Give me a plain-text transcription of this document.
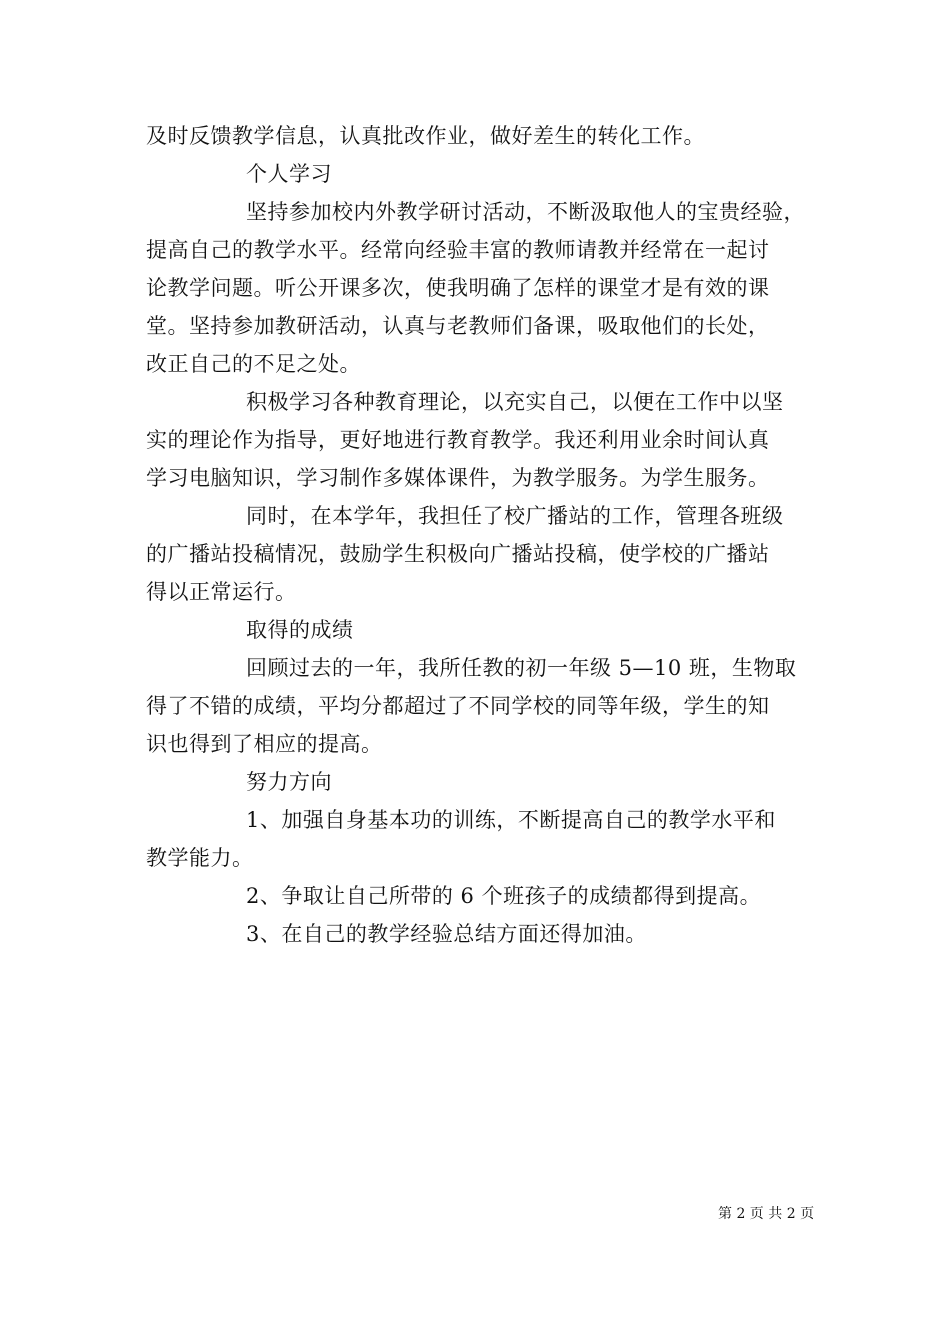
及时反馈教学信息，认真批改作业，做好差生的转化工作。
个人学习
坚持参加校内外教学研讨活动，不断汲取他人的宝贵经验，
提高自己的教学水平。经常向经验丰富的教师请教并经常在一起讨
论教学问题。听公开课多次，使我明确了怎样的课堂才是有效的课
堂。坚持参加教研活动，认真与老教师们备课，吸取他们的长处，
改正自己的不足之处。
积极学习各种教育理论，以充实自己，以便在工作中以坚
实的理论作为指导，更好地进行教育教学。我还利用业余时间认真
学习电脑知识，学习制作多媒体课件，为教学服务。为学生服务。
同时，在本学年，我担任了校广播站的工作，管理各班级
的广播站投稿情况，鼓励学生积极向广播站投稿，使学校的广播站
得以正常运行。
取得的成绩
回顾过去的一年，我所任教的初一年级 5—10 班，生物取
得了不错的成绩，平均分都超过了不同学校的同等年级，学生的知
识也得到了相应的提高。
努力方向
1、加强自身基本功的训练，不断提高自己的教学水平和
教学能力。
2、争取让自己所带的 6 个班孩子的成绩都得到提高。
3、在自己的教学经验总结方面还得加油。
第 2 页 共 2 页
